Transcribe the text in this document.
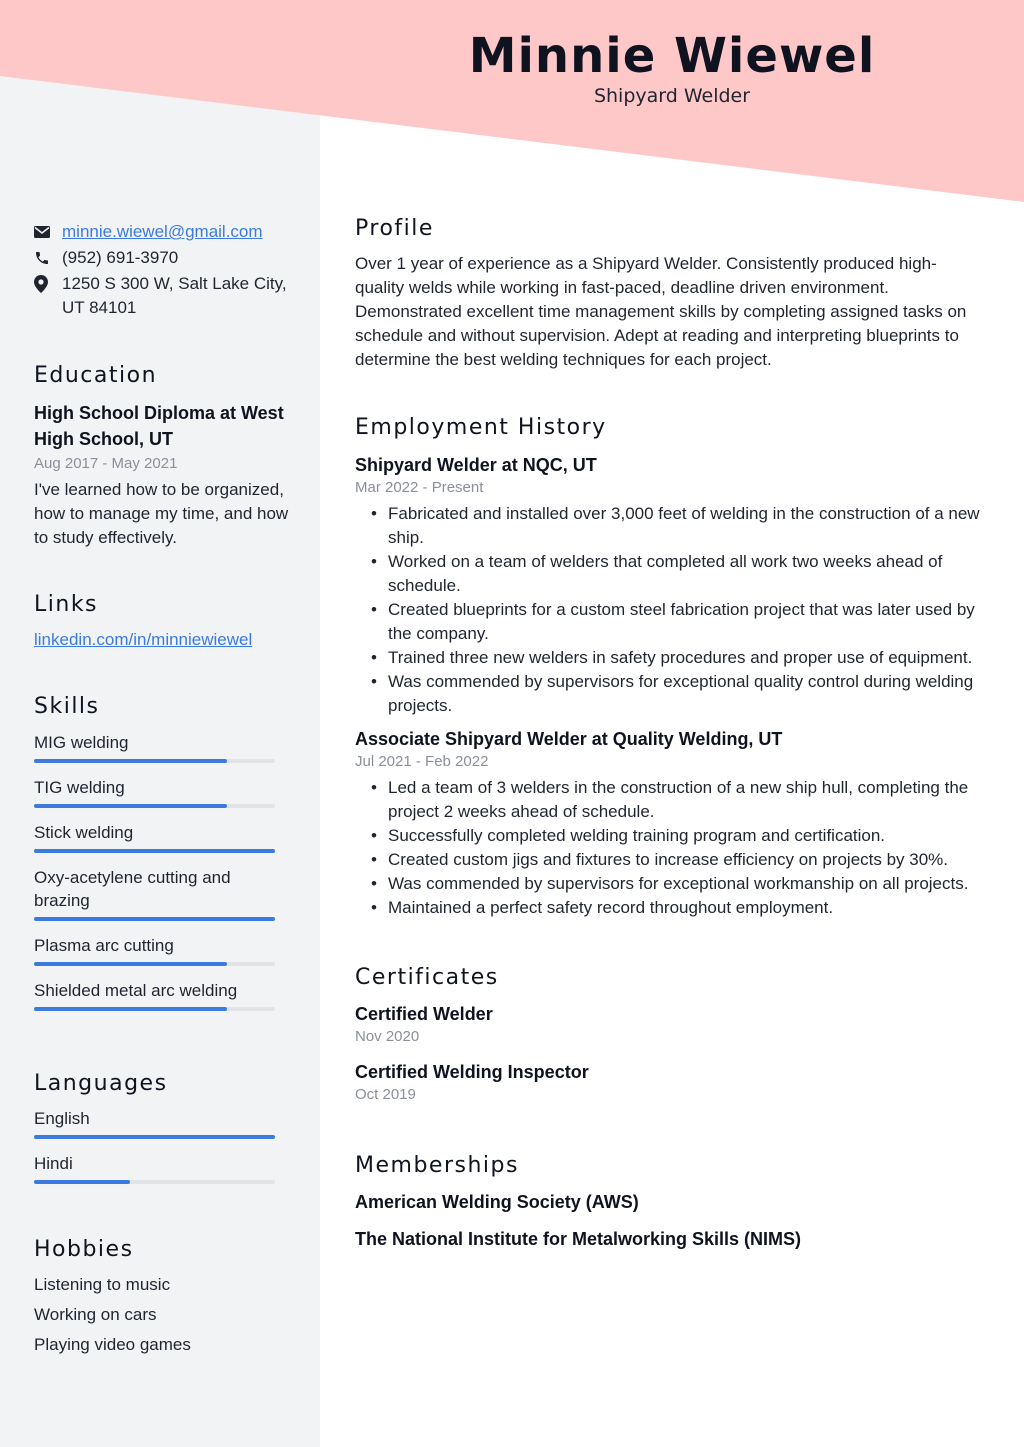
Minnie Wiewel
Shipyard Welder
minnie.wiewel@gmail.com
(952) 691-3970
1250 S 300 W, Salt Lake City, UT 84101
Education
High School Diploma at West High School, UT
Aug 2017 - May 2021
I've learned how to be organized, how to manage my time, and how to study effectively.
Links
linkedin.com/in/minniewiewel
Skills
MIG welding
TIG welding
Stick welding
Oxy-acetylene cutting and brazing
Plasma arc cutting
Shielded metal arc welding
Languages
English
Hindi
Hobbies
Listening to music
Working on cars
Playing video games
Profile
Over 1 year of experience as a Shipyard Welder. Consistently produced high-quality welds while working in fast-paced, deadline driven environment. Demonstrated excellent time management skills by completing assigned tasks on schedule and without supervision. Adept at reading and interpreting blueprints to determine the best welding techniques for each project.
Employment History
Shipyard Welder at NQC, UT
Mar 2022 - Present
• Fabricated and installed over 3,000 feet of welding in the construction of a new ship.
• Worked on a team of welders that completed all work two weeks ahead of schedule.
• Created blueprints for a custom steel fabrication project that was later used by the company.
• Trained three new welders in safety procedures and proper use of equipment.
• Was commended by supervisors for exceptional quality control during welding projects.
Associate Shipyard Welder at Quality Welding, UT
Jul 2021 - Feb 2022
• Led a team of 3 welders in the construction of a new ship hull, completing the project 2 weeks ahead of schedule.
• Successfully completed welding training program and certification.
• Created custom jigs and fixtures to increase efficiency on projects by 30%.
• Was commended by supervisors for exceptional workmanship on all projects.
• Maintained a perfect safety record throughout employment.
Certificates
Certified Welder
Nov 2020
Certified Welding Inspector
Oct 2019
Memberships
American Welding Society (AWS)
The National Institute for Metalworking Skills (NIMS)
